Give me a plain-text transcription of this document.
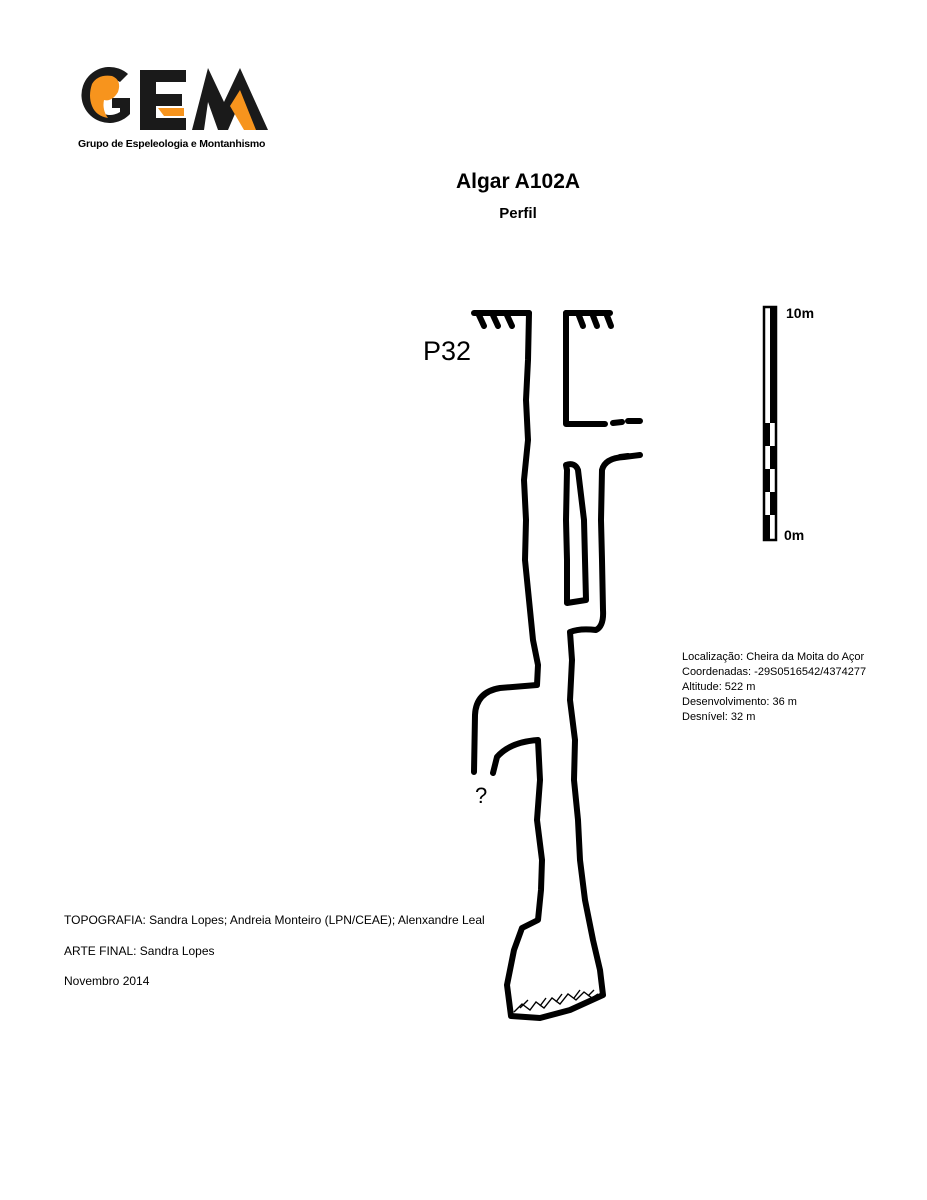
Grupo de Espeleologia e Montanhismo
Algar A102A
Perfil
P32
?
10m
0m
Localização: Cheira da Moita do Açor
Coordenadas: -29S0516542/4374277
Altitude: 522 m
Desenvolvimento: 36 m
Desnível: 32 m
TOPOGRAFIA: Sandra Lopes; Andreia Monteiro (LPN/CEAE); Alenxandre Leal
ARTE FINAL: Sandra Lopes
Novembro 2014
